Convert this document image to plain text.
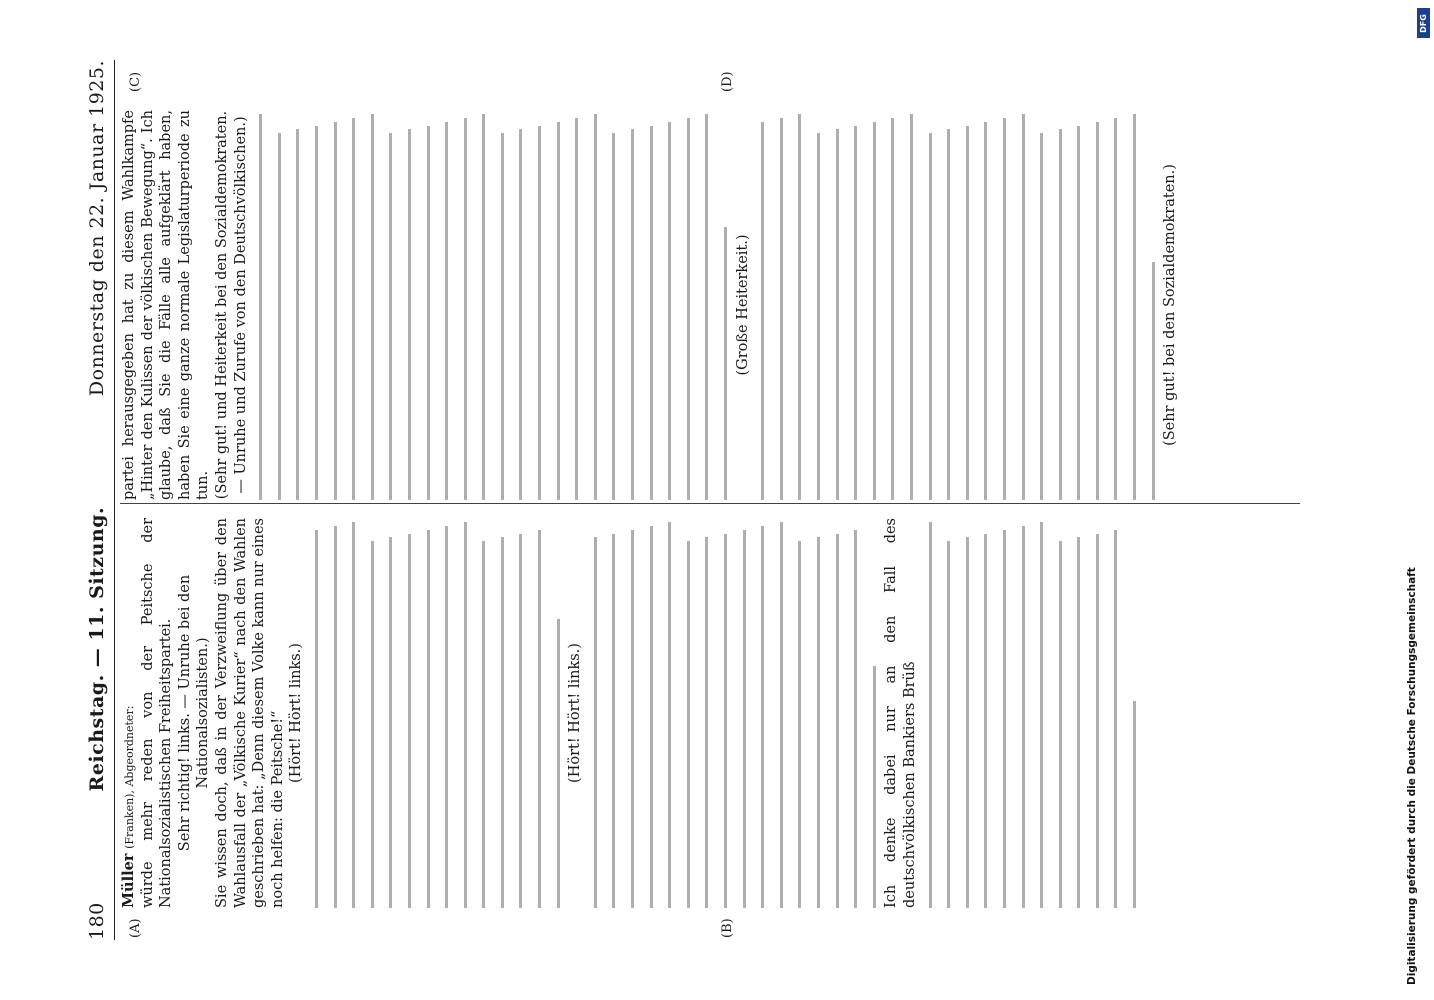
180
Reichstag. — 11. Sitzung.
Donnerstag den 22. Januar 1925.
(A)	(B)
(C)	(D)
Müller (Franken), Abgeordneter: würde mehr reden von der Peitsche der Nationalsozialistischen Freiheitspartei. Sehr richtig! links. — Unruhe bei den Nationalsozialisten.) Sie wissen doch, daß in der Verzweiflung über den Wahlausfall der „Völkische Kurier“ nach den Wahlen geschrieben hat: „Denn diesem Volke kann nur eines noch helfen: die Peitsche!“ (Hört! Hört! links.)	(Hört! Hört! links.)	Ich denke dabei nur an den Fall des deutschvölkischen Bankiers Brüß
partei herausgegeben hat zu diesem Wahlkampfe „Hinter den Kulissen der völkischen Bewegung“. Ich glaube, daß Sie die Fälle alle aufgeklärt haben, haben Sie eine ganze normale Legislaturperiode zu tun. (Sehr gut! und Heiterkeit bei den Sozialdemokraten. — Unruhe und Zurufe von den Deutschvölkischen.)	(Große Heiterkeit.)	(Sehr gut! bei den Sozialdemokraten.)
DFG
Digitalisierung gefördert durch die Deutsche Forschungsgemeinschaft
